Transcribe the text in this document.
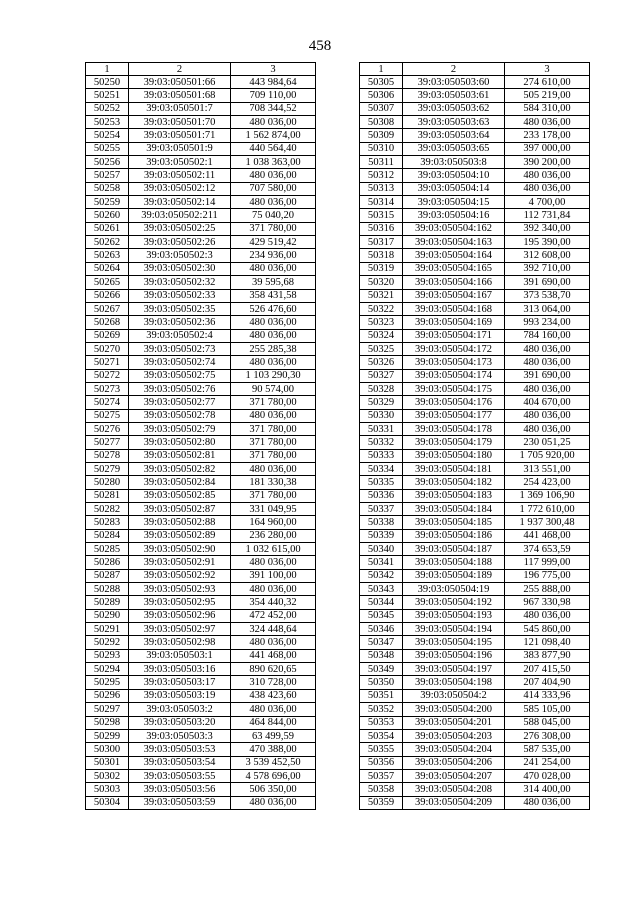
458
1	2	3
50250	39:03:050501:66	443 984,64
50251	39:03:050501:68	709 110,00
50252	39:03:050501:7	708 344,52
50253	39:03:050501:70	480 036,00
50254	39:03:050501:71	1 562 874,00
50255	39:03:050501:9	440 564,40
50256	39:03:050502:1	1 038 363,00
50257	39:03:050502:11	480 036,00
50258	39:03:050502:12	707 580,00
50259	39:03:050502:14	480 036,00
50260	39:03:050502:211	75 040,20
50261	39:03:050502:25	371 780,00
50262	39:03:050502:26	429 519,42
50263	39:03:050502:3	234 936,00
50264	39:03:050502:30	480 036,00
50265	39:03:050502:32	39 595,68
50266	39:03:050502:33	358 431,58
50267	39:03:050502:35	526 476,60
50268	39:03:050502:36	480 036,00
50269	39:03:050502:4	480 036,00
50270	39:03:050502:73	255 285,38
50271	39:03:050502:74	480 036,00
50272	39:03:050502:75	1 103 290,30
50273	39:03:050502:76	90 574,00
50274	39:03:050502:77	371 780,00
50275	39:03:050502:78	480 036,00
50276	39:03:050502:79	371 780,00
50277	39:03:050502:80	371 780,00
50278	39:03:050502:81	371 780,00
50279	39:03:050502:82	480 036,00
50280	39:03:050502:84	181 330,38
50281	39:03:050502:85	371 780,00
50282	39:03:050502:87	331 049,95
50283	39:03:050502:88	164 960,00
50284	39:03:050502:89	236 280,00
50285	39:03:050502:90	1 032 615,00
50286	39:03:050502:91	480 036,00
50287	39:03:050502:92	391 100,00
50288	39:03:050502:93	480 036,00
50289	39:03:050502:95	354 440,32
50290	39:03:050502:96	472 452,00
50291	39:03:050502:97	324 448,64
50292	39:03:050502:98	480 036,00
50293	39:03:050503:1	441 468,00
50294	39:03:050503:16	890 620,65
50295	39:03:050503:17	310 728,00
50296	39:03:050503:19	438 423,60
50297	39:03:050503:2	480 036,00
50298	39:03:050503:20	464 844,00
50299	39:03:050503:3	63 499,59
50300	39:03:050503:53	470 388,00
50301	39:03:050503:54	3 539 452,50
50302	39:03:050503:55	4 578 696,00
50303	39:03:050503:56	506 350,00
50304	39:03:050503:59	480 036,00
1	2	3
50305	39:03:050503:60	274 610,00
50306	39:03:050503:61	505 219,00
50307	39:03:050503:62	584 310,00
50308	39:03:050503:63	480 036,00
50309	39:03:050503:64	233 178,00
50310	39:03:050503:65	397 000,00
50311	39:03:050503:8	390 200,00
50312	39:03:050504:10	480 036,00
50313	39:03:050504:14	480 036,00
50314	39:03:050504:15	4 700,00
50315	39:03:050504:16	112 731,84
50316	39:03:050504:162	392 340,00
50317	39:03:050504:163	195 390,00
50318	39:03:050504:164	312 608,00
50319	39:03:050504:165	392 710,00
50320	39:03:050504:166	391 690,00
50321	39:03:050504:167	373 538,70
50322	39:03:050504:168	313 064,00
50323	39:03:050504:169	993 234,00
50324	39:03:050504:171	784 160,00
50325	39:03:050504:172	480 036,00
50326	39:03:050504:173	480 036,00
50327	39:03:050504:174	391 690,00
50328	39:03:050504:175	480 036,00
50329	39:03:050504:176	404 670,00
50330	39:03:050504:177	480 036,00
50331	39:03:050504:178	480 036,00
50332	39:03:050504:179	230 051,25
50333	39:03:050504:180	1 705 920,00
50334	39:03:050504:181	313 551,00
50335	39:03:050504:182	254 423,00
50336	39:03:050504:183	1 369 106,90
50337	39:03:050504:184	1 772 610,00
50338	39:03:050504:185	1 937 300,48
50339	39:03:050504:186	441 468,00
50340	39:03:050504:187	374 653,59
50341	39:03:050504:188	117 999,00
50342	39:03:050504:189	196 775,00
50343	39:03:050504:19	255 888,00
50344	39:03:050504:192	967 330,98
50345	39:03:050504:193	480 036,00
50346	39:03:050504:194	545 860,00
50347	39:03:050504:195	121 098,40
50348	39:03:050504:196	383 877,90
50349	39:03:050504:197	207 415,50
50350	39:03:050504:198	207 404,90
50351	39:03:050504:2	414 333,96
50352	39:03:050504:200	585 105,00
50353	39:03:050504:201	588 045,00
50354	39:03:050504:203	276 308,00
50355	39:03:050504:204	587 535,00
50356	39:03:050504:206	241 254,00
50357	39:03:050504:207	470 028,00
50358	39:03:050504:208	314 400,00
50359	39:03:050504:209	480 036,00
